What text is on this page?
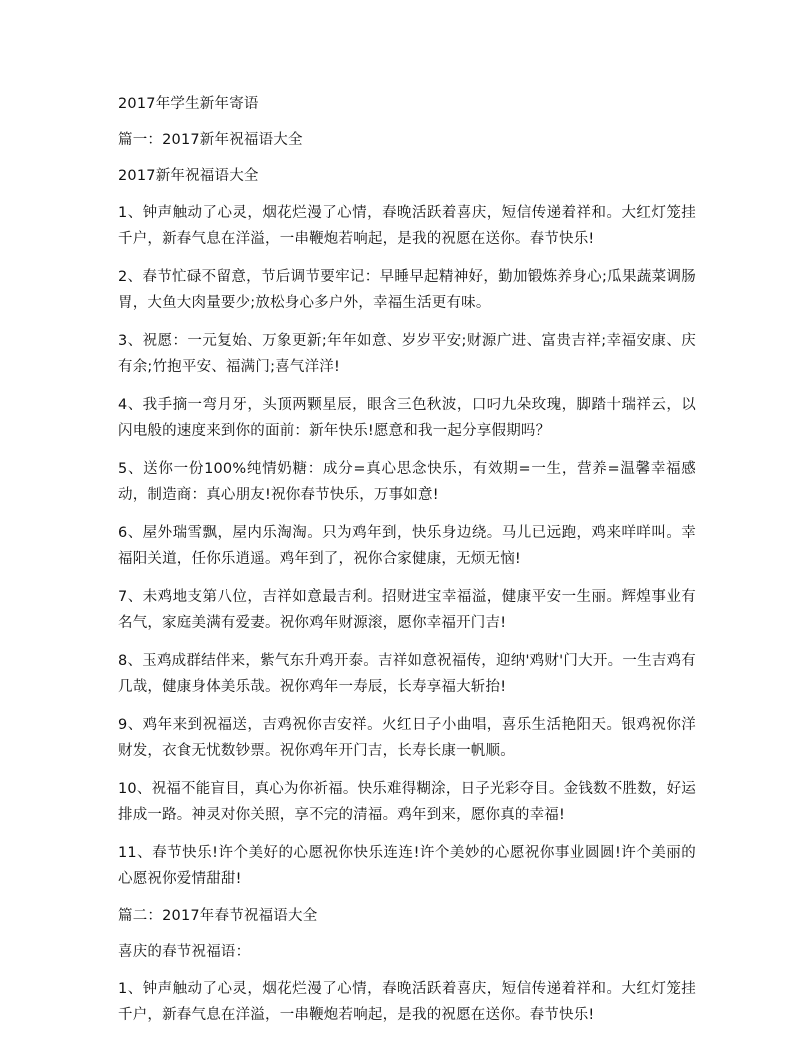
2017年学生新年寄语
篇一：2017新年祝福语大全
2017新年祝福语大全
1、钟声触动了心灵，烟花烂漫了心情，春晚活跃着喜庆，短信传递着祥和。大红灯笼挂千户，新春气息在洋溢，一串鞭炮若响起，是我的祝愿在送你。春节快乐!
2、春节忙碌不留意，节后调节要牢记：早睡早起精神好，勤加锻炼养身心;瓜果蔬菜调肠胃，大鱼大肉量要少;放松身心多户外，幸福生活更有味。
3、祝愿：一元复始、万象更新;年年如意、岁岁平安;财源广进、富贵吉祥;幸福安康、庆有余;竹抱平安、福满门;喜气洋洋!
4、我手摘一弯月牙，头顶两颗星辰，眼含三色秋波，口叼九朵玫瑰，脚踏十瑞祥云，以闪电般的速度来到你的面前：新年快乐!愿意和我一起分享假期吗？
5、送你一份100%纯情奶糖：成分=真心思念快乐，有效期=一生，营养=温馨幸福感动，制造商：真心朋友!祝你春节快乐，万事如意!
6、屋外瑞雪飘，屋内乐淘淘。只为鸡年到，快乐身边绕。马儿已远跑，鸡来咩咩叫。幸福阳关道，任你乐逍遥。鸡年到了，祝你合家健康，无烦无恼!
7、未鸡地支第八位，吉祥如意最吉利。招财进宝幸福溢，健康平安一生丽。辉煌事业有名气，家庭美满有爱妻。祝你鸡年财源滚，愿你幸福开门吉!
8、玉鸡成群结伴来，紫气东升鸡开泰。吉祥如意祝福传，迎纳'鸡财'门大开。一生吉鸡有几哉，健康身体美乐哉。祝你鸡年一寿辰，长寿享福大斩抬!
9、鸡年来到祝福送，吉鸡祝你吉安祥。火红日子小曲唱，喜乐生活艳阳天。银鸡祝你洋财发，衣食无忧数钞票。祝你鸡年开门吉，长寿长康一帆顺。
10、祝福不能盲目，真心为你祈福。快乐难得糊涂，日子光彩夺目。金钱数不胜数，好运排成一路。神灵对你关照，享不完的清福。鸡年到来，愿你真的幸福!
11、春节快乐!许个美好的心愿祝你快乐连连!许个美妙的心愿祝你事业圆圆!许个美丽的心愿祝你爱情甜甜!
篇二：2017年春节祝福语大全
喜庆的春节祝福语：
1、钟声触动了心灵，烟花烂漫了心情，春晚活跃着喜庆，短信传递着祥和。大红灯笼挂千户，新春气息在洋溢，一串鞭炮若响起，是我的祝愿在送你。春节快乐!
